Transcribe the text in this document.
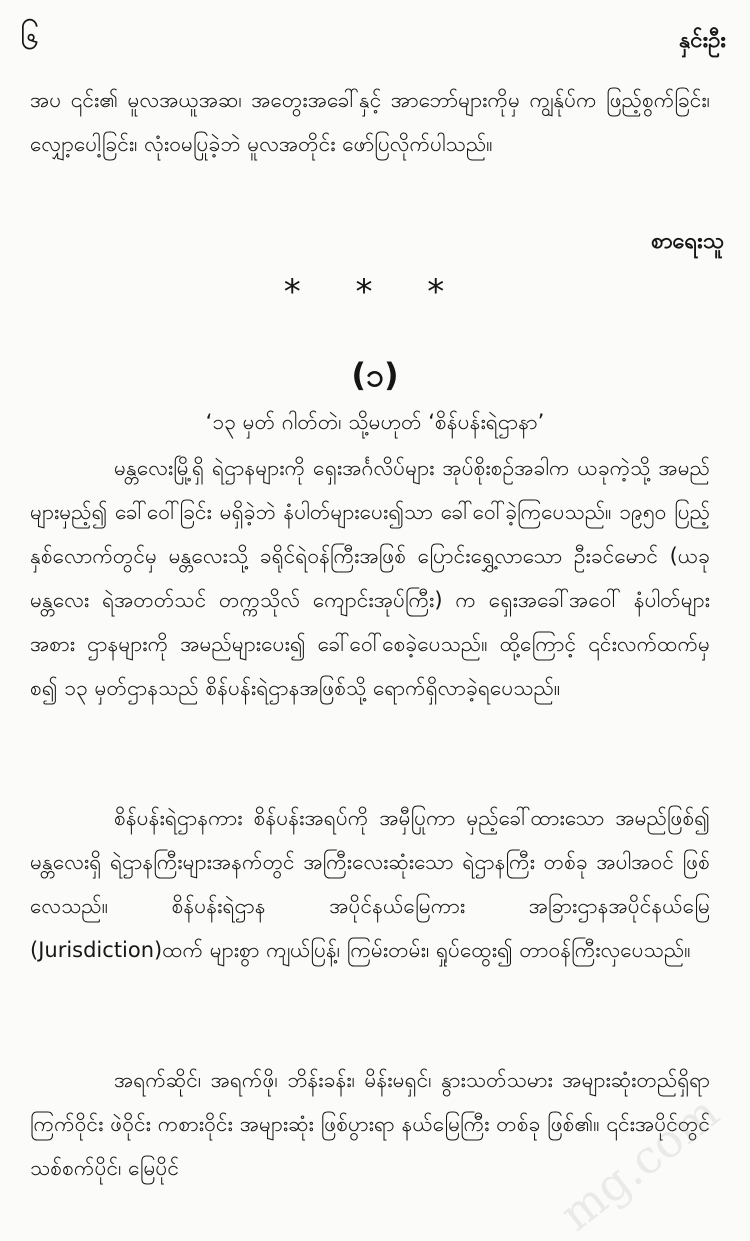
၆	နှင်းဦး
အပ ၎င်း၏ မူလအယူအဆ၊ အတွေးအခေါ်နှင့် အာဘော်များကိုမှ ကျွန်ုပ်က ဖြည့်စွက်ခြင်း၊ လျှော့ပေါ့ခြင်း၊ လုံးဝမပြုခဲ့ဘဲ မူလအတိုင်း ဖော်ပြလိုက်ပါသည်။
စာရေးသူ
* * *
(၁)
‘၁၃ မှတ် ဂါတ်တဲ၊ သို့မဟုတ် ‘စိန်ပန်းရဲဌာနာ’
မန္တလေးမြို့ရှိ ရဲဌာနများကို ရှေးအင်္ဂလိပ်များ အုပ်စိုးစဉ်အခါက ယခုကဲ့သို့ အမည်များမှည့်၍ ခေါ်ဝေါ်ခြင်း မရှိခဲ့ဘဲ နံပါတ်များပေး၍သာ ခေါ်ဝေါ်ခဲ့ကြပေသည်။ ၁၉၅၀ ပြည့်နှစ်လောက်တွင်မှ မန္တလေးသို့ ခရိုင်ရဲဝန်ကြီးအဖြစ် ပြောင်းရွှေ့လာသော ဦးခင်မောင် (ယခု မန္တလေး ရဲအတတ်သင် တက္ကသိုလ် ကျောင်းအုပ်ကြီး) က ရှေးအခေါ်အဝေါ် နံပါတ်များအစား ဌာနများကို အမည်များပေး၍ ခေါ်ဝေါ်စေခဲ့ပေသည်။ ထို့ကြောင့် ၎င်းလက်ထက်မှစ၍ ၁၃ မှတ်ဌာနသည် စိန်ပန်းရဲဌာနအဖြစ်သို့ ရောက်ရှိလာခဲ့ရပေသည်။
စိန်ပန်းရဲဌာနကား စိန်ပန်းအရပ်ကို အမှီပြုကာ မှည့်ခေါ်ထားသော အမည်ဖြစ်၍ မန္တလေးရှိ ရဲဌာနကြီးများအနက်တွင် အကြီးလေးဆုံးသော ရဲဌာနကြီး တစ်ခု အပါအဝင် ဖြစ်လေသည်။ စိန်ပန်းရဲဌာန အပိုင်နယ်မြေကား အခြားဌာနအပိုင်နယ်မြေ (Jurisdiction)ထက် များစွာ ကျယ်ပြန့်၊ ကြမ်းတမ်း၊ ရှုပ်ထွေး၍ တာဝန်ကြီးလှပေသည်။
အရက်ဆိုင်၊ အရက်ဖို၊ ဘိန်းခန်း၊ မိန်းမရှင်၊ နွားသတ်သမား အများဆုံးတည်ရှိရာ ကြက်ဝိုင်း ဖဲဝိုင်း ကစားဝိုင်း အများဆုံး ဖြစ်ပွားရာ နယ်မြေကြီး တစ်ခု ဖြစ်၏။ ၎င်းအပိုင်တွင် သစ်စက်ပိုင်၊ မြေပိုင်	mg.com
